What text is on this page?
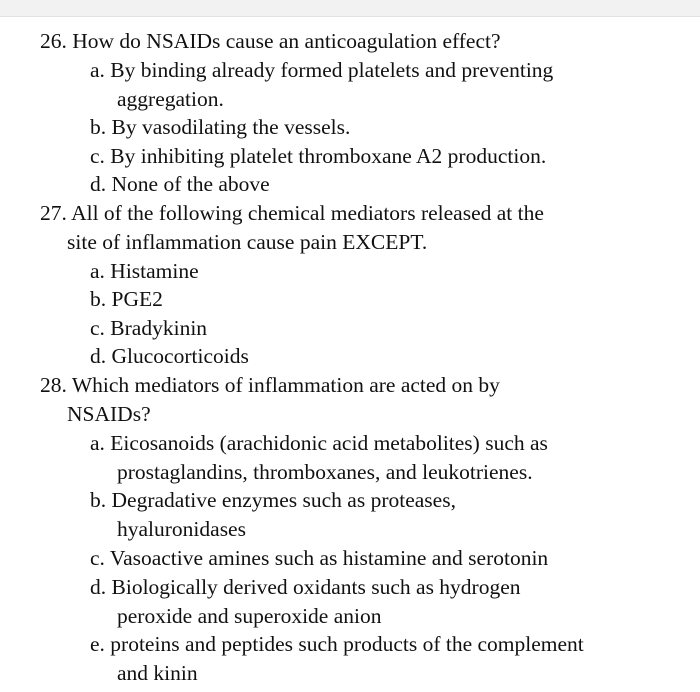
26. How do NSAIDs cause an anticoagulation effect?
a. By binding already formed platelets and preventing
aggregation.
b. By vasodilating the vessels.
c. By inhibiting platelet thromboxane A2 production.
d. None of the above
27. All of the following chemical mediators released at the
site of inflammation cause pain EXCEPT.
a. Histamine
b. PGE2
c. Bradykinin
d. Glucocorticoids
28. Which mediators of inflammation are acted on by
NSAIDs?
a. Eicosanoids (arachidonic acid metabolites) such as
prostaglandins, thromboxanes, and leukotrienes.
b. Degradative enzymes such as proteases,
hyaluronidases
c. Vasoactive amines such as histamine and serotonin
d. Biologically derived oxidants such as hydrogen
peroxide and superoxide anion
e. proteins and peptides such products of the complement
and kinin
